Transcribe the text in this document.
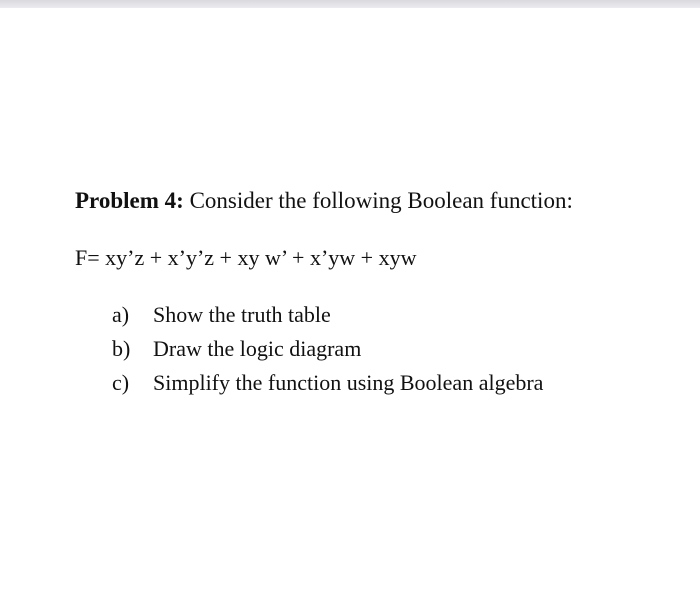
Problem 4: Consider the following Boolean function:
F= xy’z + x’y’z + xy w’ + x’yw + xyw
a) Show the truth table
b) Draw the logic diagram
c) Simplify the function using Boolean algebra
